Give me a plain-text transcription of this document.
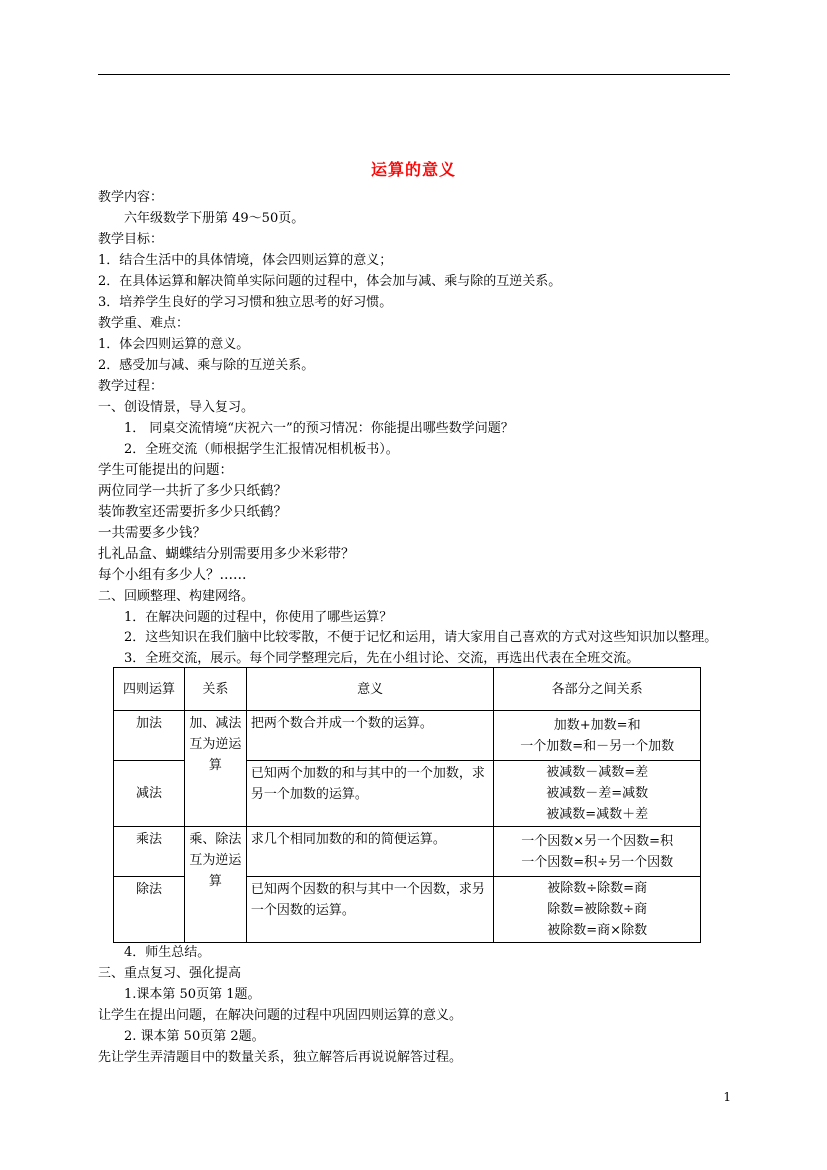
运算的意义
教学内容：
六年级数学下册第 49～50页。
教学目标：
1．结合生活中的具体情境，体会四则运算的意义；
2．在具体运算和解决简单实际问题的过程中，体会加与减、乘与除的互逆关系。
3．培养学生良好的学习习惯和独立思考的好习惯。
教学重、难点：
1．体会四则运算的意义。
2．感受加与减、乘与除的互逆关系。
教学过程：
一、创设情景，导入复习。
1． 同桌交流情境“庆祝六一”的预习情况：你能提出哪些数学问题？
2．全班交流（师根据学生汇报情况相机板书）。
学生可能提出的问题：
两位同学一共折了多少只纸鹤？
装饰教室还需要折多少只纸鹤？
一共需要多少钱？
扎礼品盒、蝴蝶结分别需要用多少米彩带？
每个小组有多少人？……
二、回顾整理、构建网络。
1．在解决问题的过程中，你使用了哪些运算？
2．这些知识在我们脑中比较零散，不便于记忆和运用，请大家用自己喜欢的方式对这些知识加以整理。
3．全班交流，展示。每个同学整理完后，先在小组讨论、交流，再选出代表在全班交流。
四则运算	关系	意义	各部分之间关系
加法	加、减法互为逆运算	把两个数合并成一个数的运算。	加数+加数=和
一个加数=和－另一个加数

减法		已知两个加数的和与其中的一个加数，求另一个加数的运算。	被减数－减数=差
被减数－差=减数
被减数=减数＋差

乘法	乘、除法互为逆运算	求几个相同加数的和的简便运算。	一个因数×另一个因数=积
一个因数=积÷另一个因数

除法		已知两个因数的积与其中一个因数，求另一个因数的运算。	被除数÷除数=商
除数=被除数÷商
被除数=商×除数
4．师生总结。
三、重点复习、强化提高
1.课本第 50页第 1题。
让学生在提出问题，在解决问题的过程中巩固四则运算的意义。
2. 课本第 50页第 2题。
先让学生弄清题目中的数量关系，独立解答后再说说解答过程。
1
